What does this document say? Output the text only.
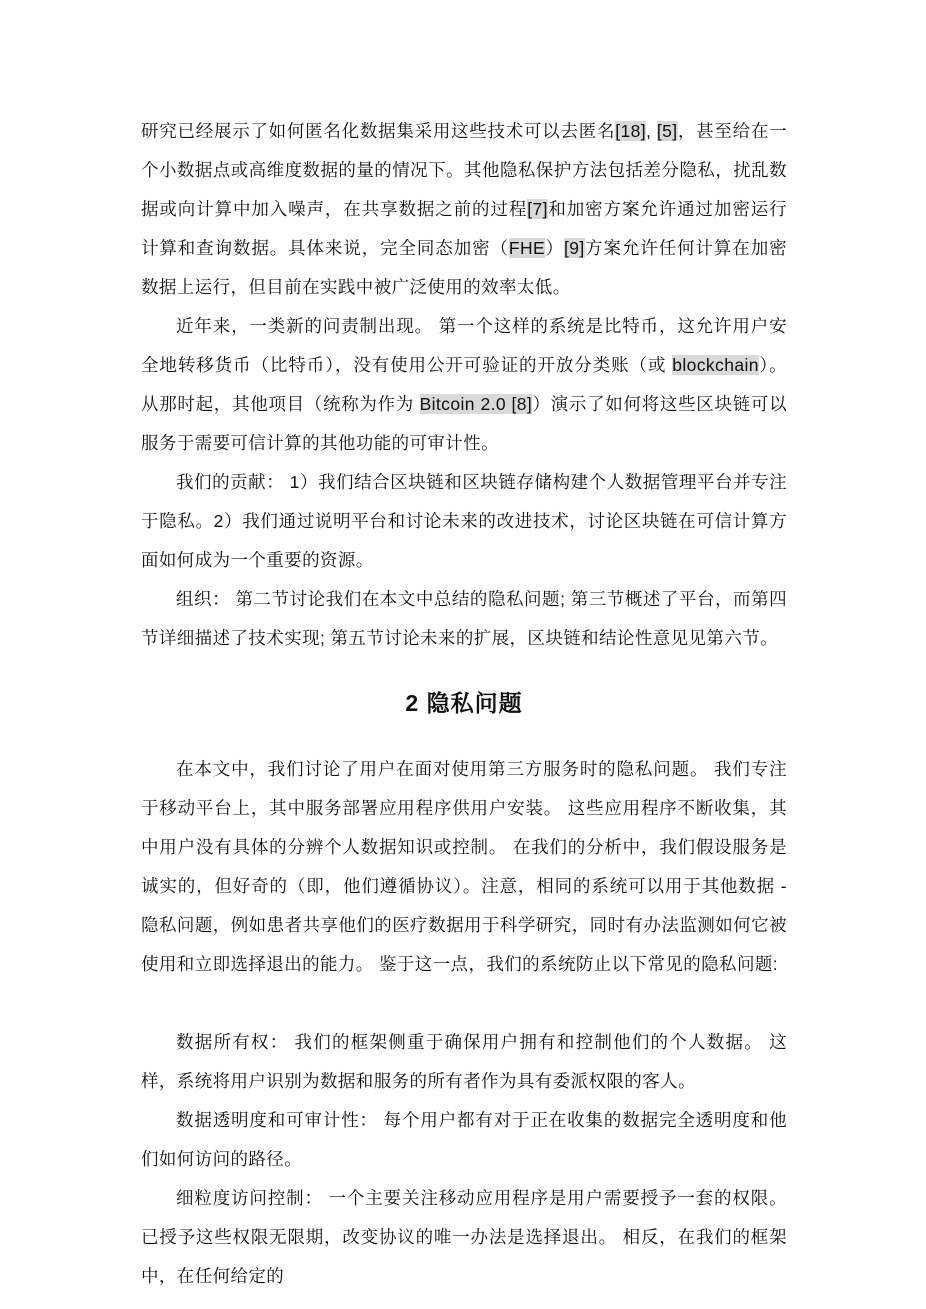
研究已经展示了如何匿名化数据集采用这些技术可以去匿名[18], [5]，甚至给在一个小数据点或高维度数据的量的情况下。其他隐私保护方法包括差分隐私，扰乱数据或向计算中加入噪声，在共享数据之前的过程[7]和加密方案允许通过加密运行计算和查询数据。具体来说，完全同态加密（FHE）[9]方案允许任何计算在加密数据上运行，但目前在实践中被广泛使用的效率太低。

近年来，一类新的问责制出现。 第一个这样的系统是比特币，这允许用户安全地转移货币（比特币），没有使用公开可验证的开放分类账（或 blockchain）。 从那时起，其他项目（统称为作为 Bitcoin 2.0 [8]）演示了如何将这些区块链可以服务于需要可信计算的其他功能的可审计性。

我们的贡献： 1）我们结合区块链和区块链存储构建个人数据管理平台并专注于隐私。2）我们通过说明平台和讨论未来的改进技术，讨论区块链在可信计算方面如何成为一个重要的资源。

组织： 第二节讨论我们在本文中总结的隐私问题; 第三节概述了平台，而第四节详细描述了技术实现; 第五节讨论未来的扩展，区块链和结论性意见见第六节。

2 隐私问题

在本文中，我们讨论了用户在面对使用第三方服务时的隐私问题。 我们专注于移动平台上，其中服务部署应用程序供用户安装。 这些应用程序不断收集，其中用户没有具体的分辨个人数据知识或控制。 在我们的分析中，我们假设服务是诚实的，但好奇的（即，他们遵循协议）。注意，相同的系统可以用于其他数据 - 隐私问题，例如患者共享他们的医疗数据用于科学研究，同时有办法监测如何它被使用和立即选择退出的能力。 鉴于这一点，我们的系统防止以下常见的隐私问题:

数据所有权： 我们的框架侧重于确保用户拥有和控制他们的个人数据。 这样，系统将用户识别为数据和服务的所有者作为具有委派权限的客人。

数据透明度和可审计性： 每个用户都有对于正在收集的数据完全透明度和他们如何访问的路径。

细粒度访问控制： 一个主要关注移动应用程序是用户需要授予一套的权限。 已授予这些权限无限期，改变协议的唯一办法是选择退出。 相反，在我们的框架中，在任何给定的
